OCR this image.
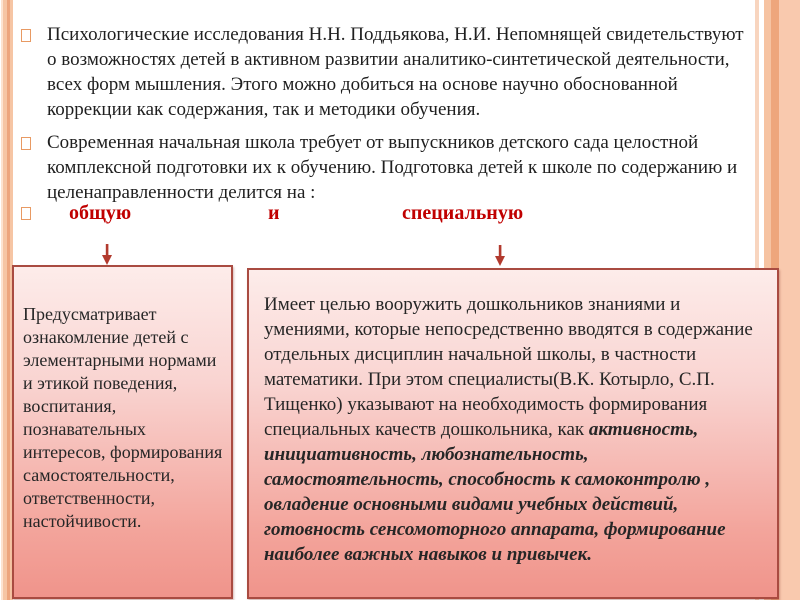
Психологические исследования Н.Н. Поддьякова, Н.И. Непомнящей свидетельствуют о возможностях детей в активном развитии аналитико-синтетической деятельности, всех форм мышления. Этого можно добиться на основе научно обоснованной коррекции как содержания, так и методики обучения.
Современная начальная школа требует от выпускников детского сада целостной комплексной подготовки их к обучению. Подготовка детей к школе по содержанию и целенаправленности делится на :
общую	и	специальную
Предусматривает ознакомление детей с элементарными нормами и этикой поведения, воспитания, познавательных интересов, формирования самостоятельности, ответственности, настойчивости.
Имеет целью вооружить дошкольников знаниями и умениями, которые непосредственно вводятся в содержание отдельных дисциплин начальной школы, в частности математики. При этом специалисты(В.К. Котырло, С.П. Тищенко) указывают на необходимость формирования специальных качеств дошкольника, как активность, инициативность, любознательность, самостоятельность, способность к самоконтролю , овладение основными видами учебных действий, готовность сенсомоторного аппарата, формирование наиболее важных навыков и привычек.
